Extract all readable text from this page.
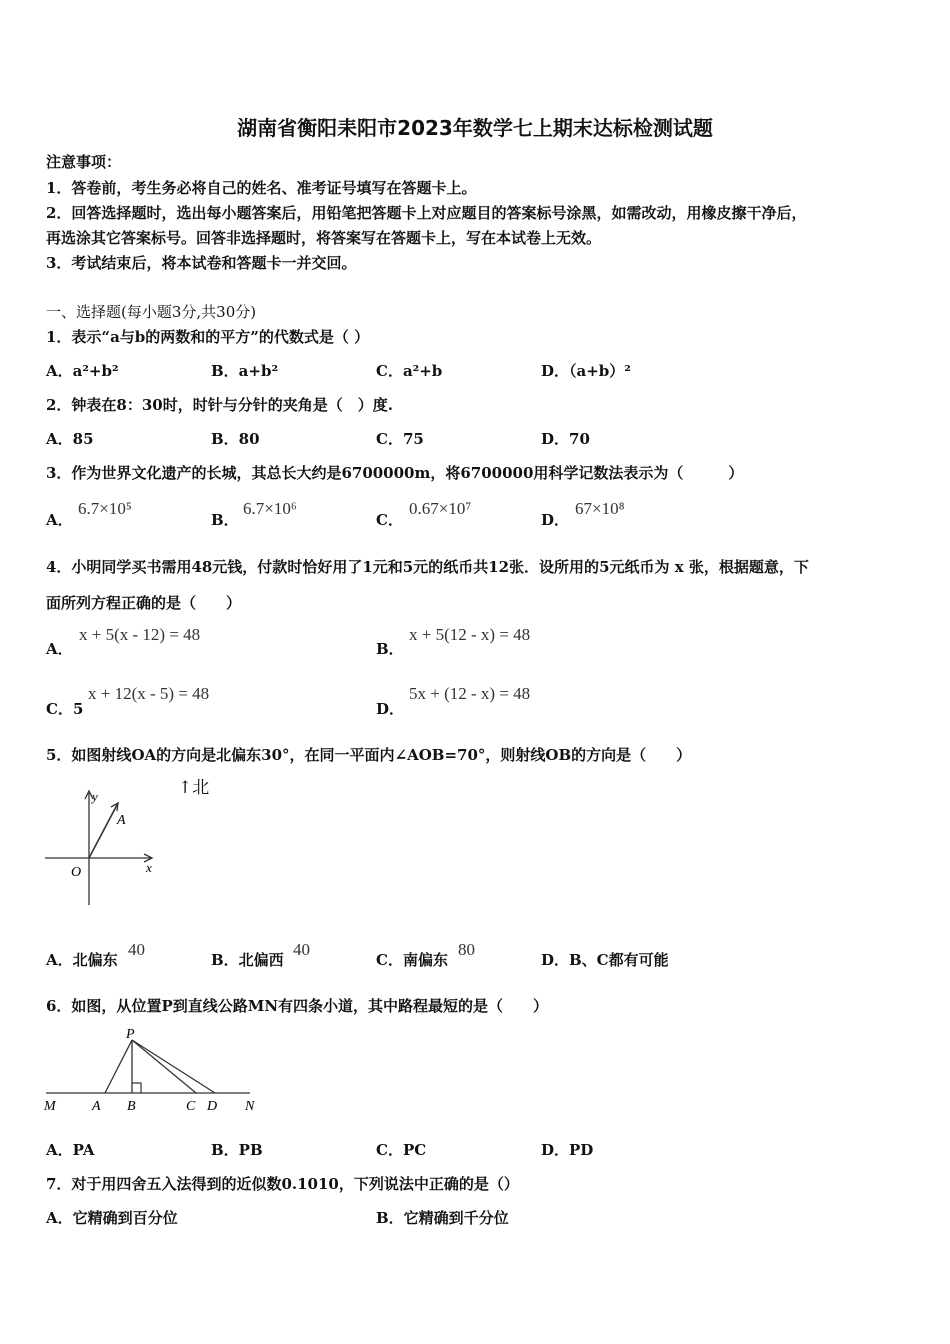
湖南省衡阳耒阳市2023年数学七上期末达标检测试题
注意事项：
1．答卷前，考生务必将自己的姓名、准考证号填写在答题卡上。
2．回答选择题时，选出每小题答案后，用铅笔把答题卡上对应题目的答案标号涂黑，如需改动，用橡皮擦干净后，
再选涂其它答案标号。回答非选择题时，将答案写在答题卡上，写在本试卷上无效。
3．考试结束后，将本试卷和答题卡一并交回。
一、选择题(每小题3分,共30分)
1．表示“a与b的两数和的平方”的代数式是（ ）
A．a²+b²	B．a+b²	C．a²+b	D．（a+b）²
2．钟表在8：30时，时针与分针的夹角是（　）度.
A．85	B．80	C．75	D．70
3．作为世界文化遗产的长城，其总长大约是6700000m，将6700000用科学记数法表示为（　　　）
A．
6.7×10⁵
B．
6.7×10⁶
C．
0.67×10⁷
D．
67×10⁸
4．小明同学买书需用48元钱，付款时恰好用了1元和5元的纸币共12张．设所用的5元纸币为 x 张，根据题意，下
面所列方程正确的是（　　）
A．
x + 5(x - 12) = 48
B．
x + 5(12 - x) = 48
C．5
x + 12(x - 5) = 48
D．
5x + (12 - x) = 48
5．如图射线OA的方向是北偏东30°，在同一平面内∠AOB=70°，则射线OB的方向是（　　）
↑北
y
x
O
A
A．北偏东
40
B．北偏西
40
C．南偏东
80
D．B、C都有可能
6．如图，从位置P到直线公路MN有四条小道，其中路程最短的是（　　）
P
M	A B	C D N
A．PA	B．PB	C．PC	D．PD
7．对于用四舍五入法得到的近似数0.1010，下列说法中正确的是（）
A．它精确到百分位	B．它精确到千分位
